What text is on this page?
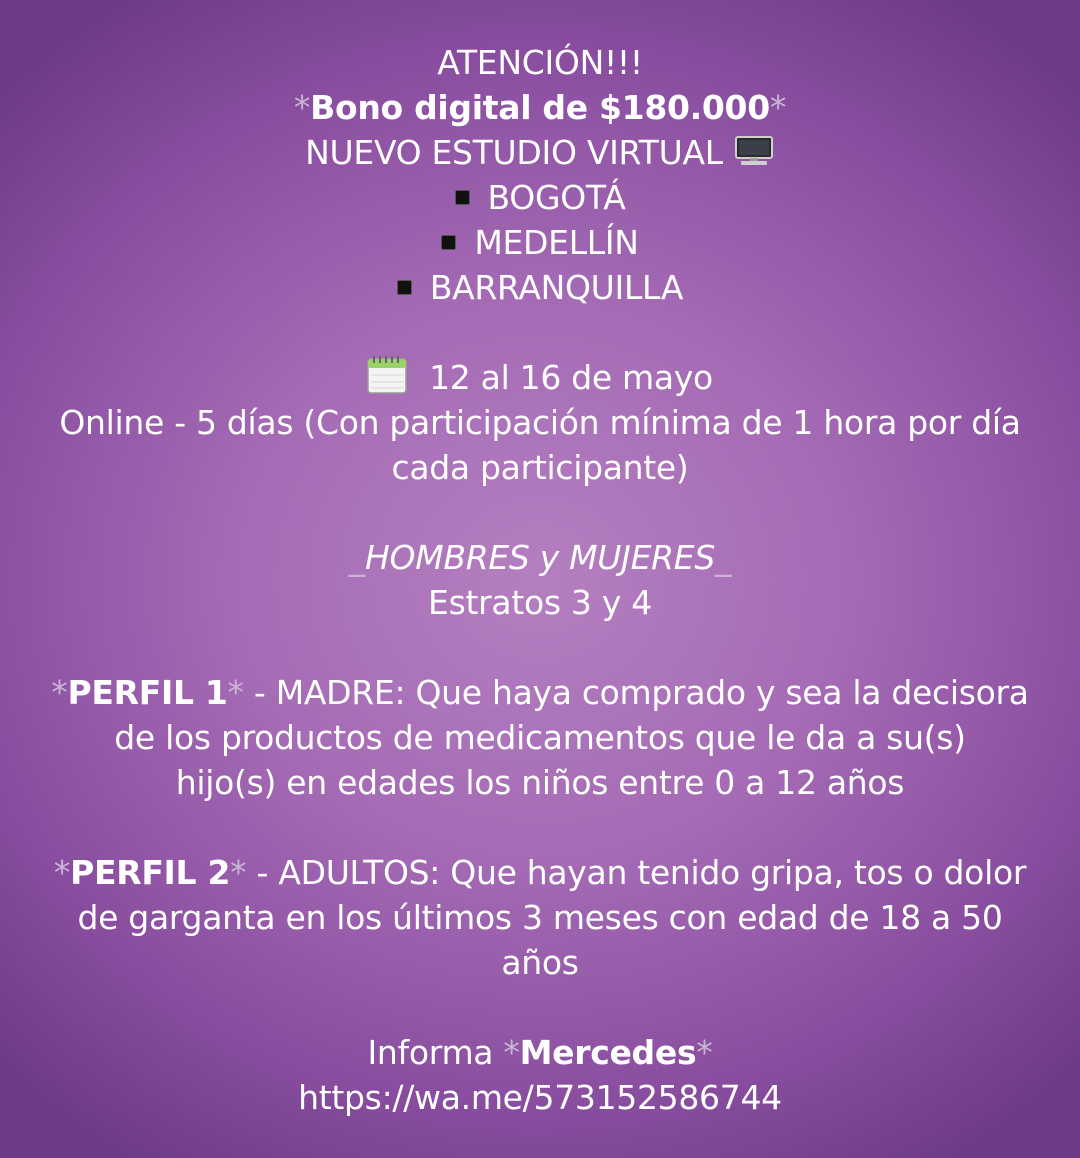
ATENCIÓN!!!
*Bono digital de $180.000*
NUEVO ESTUDIO VIRTUAL
BOGOTÁ
MEDELLÍN
BARRANQUILLA
12 al 16 de mayo
Online - 5 días (Con participación mínima de 1 hora por día
cada participante)
_HOMBRES y MUJERES_
Estratos 3 y 4
*PERFIL 1* - MADRE: Que haya comprado y sea la decisora
de los productos de medicamentos que le da a su(s)
hijo(s) en edades los niños entre 0 a 12 años
*PERFIL 2* - ADULTOS: Que hayan tenido gripa, tos o dolor
de garganta en los últimos 3 meses con edad de 18 a 50
años
Informa *Mercedes*
https://wa.me/573152586744
